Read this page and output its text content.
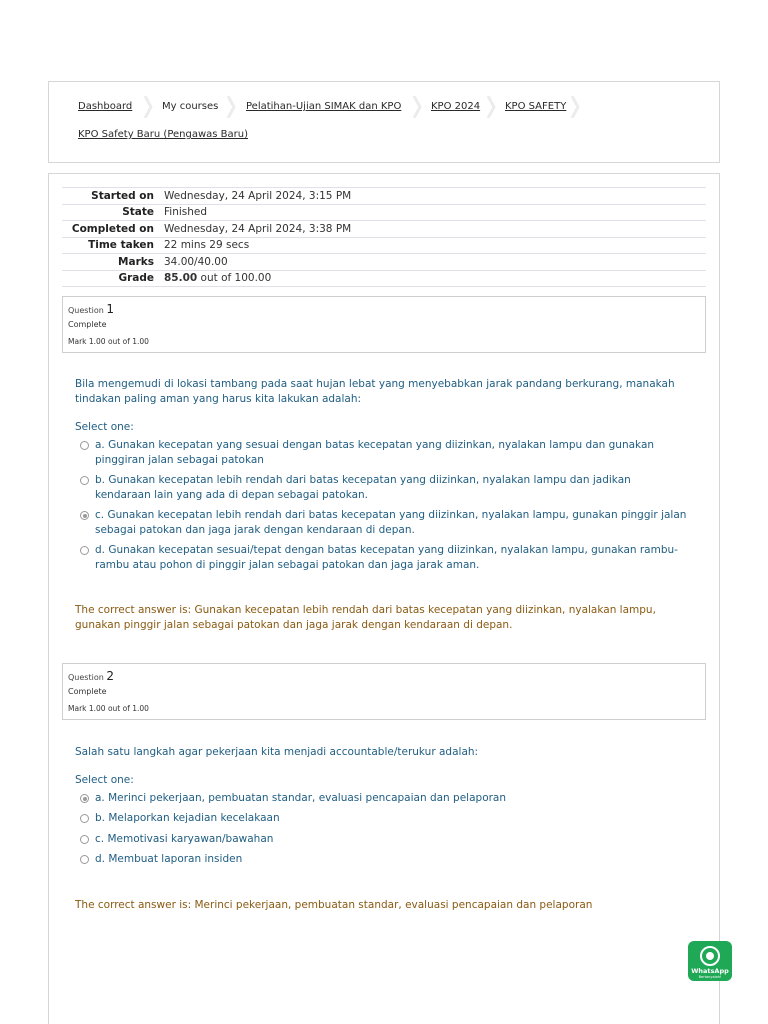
Dashboard	My courses	Pelatihan-Ujian SIMAK dan KPO	KPO 2024 KPO SAFETY
KPO Safety Baru (Pengawas Baru)
Started on	Wednesday, 24 April 2024, 3:15 PM
State	Finished
Completed on	Wednesday, 24 April 2024, 3:38 PM
Time taken	22 mins 29 secs
Marks	34.00/40.00
Grade	85.00 out of 100.00
Question 1
Complete
Mark 1.00 out of 1.00
Bila mengemudi di lokasi tambang pada saat hujan lebat yang menyebabkan jarak pandang berkurang, manakah tindakan paling aman yang harus kita lakukan adalah:
Select one:
a. Gunakan kecepatan yang sesuai dengan batas kecepatan yang diizinkan, nyalakan lampu dan gunakan pinggiran jalan sebagai patokan
b. Gunakan kecepatan lebih rendah dari batas kecepatan yang diizinkan, nyalakan lampu dan jadikan kendaraan lain yang ada di depan sebagai patokan.
c. Gunakan kecepatan lebih rendah dari batas kecepatan yang diizinkan, nyalakan lampu, gunakan pinggir jalan sebagai patokan dan jaga jarak dengan kendaraan di depan.
d. Gunakan kecepatan sesuai/tepat dengan batas kecepatan yang diizinkan, nyalakan lampu, gunakan rambu-rambu atau pohon di pinggir jalan sebagai patokan dan jaga jarak aman.
The correct answer is: Gunakan kecepatan lebih rendah dari batas kecepatan yang diizinkan, nyalakan lampu, gunakan pinggir jalan sebagai patokan dan jaga jarak dengan kendaraan di depan.
Question 2
Complete
Mark 1.00 out of 1.00
Salah satu langkah agar pekerjaan kita menjadi accountable/terukur adalah:
Select one:
a. Merinci pekerjaan, pembuatan standar, evaluasi pencapaian dan pelaporan
b. Melaporkan kejadian kecelakaan
c. Memotivasi karyawan/bawahan
d. Membuat laporan insiden
The correct answer is: Merinci pekerjaan, pembuatan standar, evaluasi pencapaian dan pelaporan
WhatsApp
Bertanyalah!
